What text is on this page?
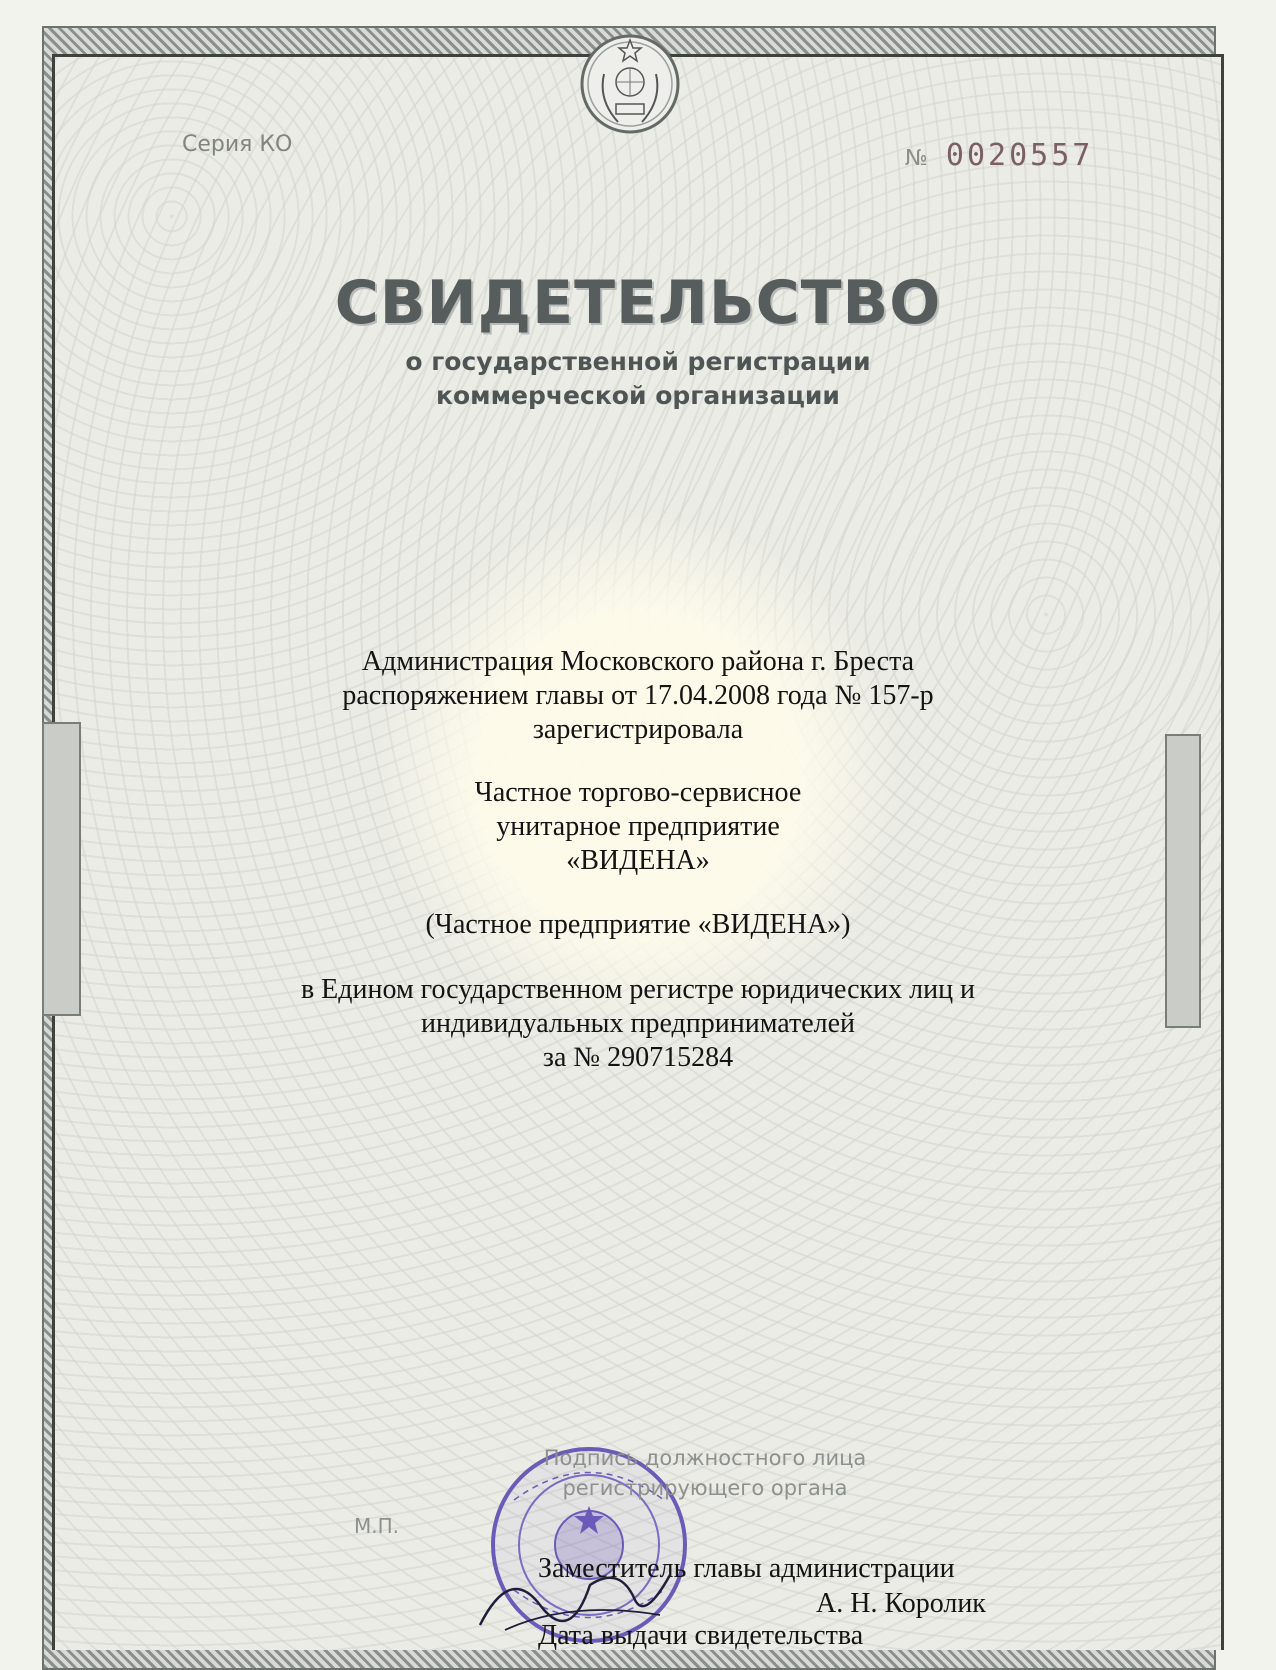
Серия КО
№ 0020557
СВИДЕТЕЛЬСТВО
о государственной регистрации
коммерческой организации
Администрация Московского района г. Бреста
распоряжением главы от 17.04.2008 года № 157-р
зарегистрировала
Частное торгово-сервисное
унитарное предприятие
«ВИДЕНА»
(Частное предприятие «ВИДЕНА»)
в Едином государственном регистре юридических лиц и
индивидуальных предпринимателей
за № 290715284
Подпись должностного лица
регистрирующего органа
М.П.
Заместитель главы администрации
А. Н. Королик
Дата выдачи свидетельства
